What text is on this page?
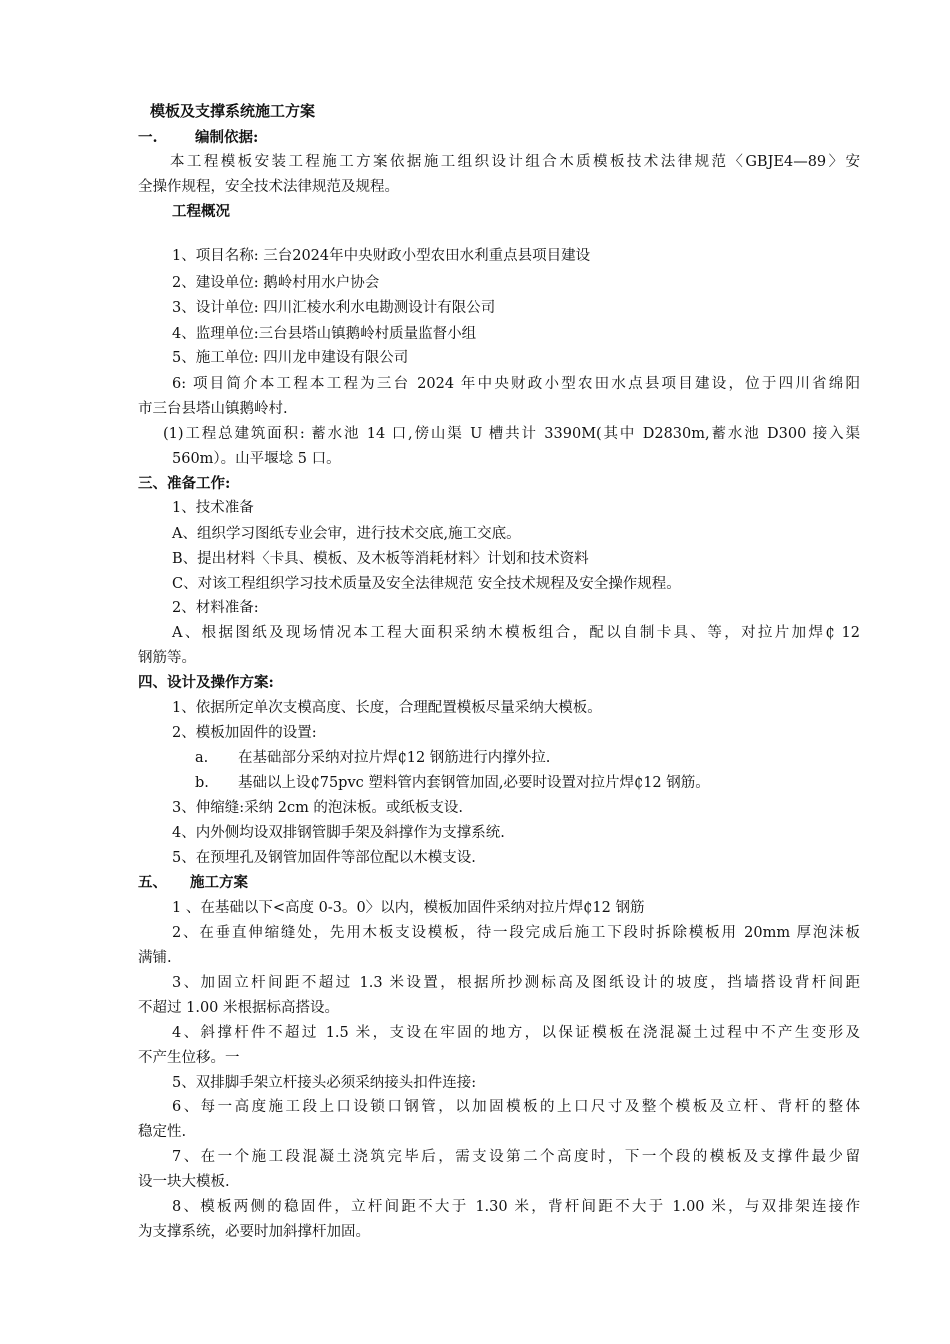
模板及支撑系统施工方案
一.	编制依据:
本工程模板安装工程施工方案依据施工组织设计组合木质模板技术法律规范〈GBJE4—89〉安
全操作规程，安全技术法律规范及规程。
工程概况
1、项目名称: 三台2024年中央财政小型农田水利重点县项目建设
2、建设单位: 鹅岭村用水户协会
3、设计单位: 四川汇棱水利水电勘测设计有限公司
4、监理单位:三台县塔山镇鹅岭村质量监督小组
5、施工单位: 四川龙申建设有限公司
6: 项目简介本工程本工程为三台 2024 年中央财政小型农田水点县项目建设，位于四川省绵阳
市三台县塔山镇鹅岭村.
(1)工程总建筑面积: 蓄水池 14 口,傍山渠 U 槽共计 3390M(其中 D2830m,蓄水池 D300 接入渠
560m）。山平堰埝 5 口。
三、准备工作:
1、技术准备
A、组织学习图纸专业会审，进行技术交底,施工交底。
B、提出材料〈卡具、模板、及木板等消耗材料〉计划和技术资料
C、对该工程组织学习技术质量及安全法律规范 安全技术规程及安全操作规程。
2、材料准备:
A、根据图纸及现场情况本工程大面积采纳木模板组合，配以自制卡具、等，对拉片加焊₵ 12
钢筋等。
四、设计及操作方案:
1、依据所定单次支模高度、长度，合理配置模板尽量采纳大模板。
2、模板加固件的设置:
a. 在基础部分采纳对拉片焊₵12 钢筋进行内撑外拉.
b. 基础以上设₵75pvc 塑料管内套钢管加固,必要时设置对拉片焊₵12 钢筋。
3、伸缩缝:采纳 2cm 的泡沫板。或纸板支设.
4、内外侧均设双排钢管脚手架及斜撑作为支撑系统.
5、在预埋孔及钢管加固件等部位配以木模支设.
五、 施工方案
1 、在基础以下<高度 0-3。0〉以内，模板加固件采纳对拉片焊₵12 钢筋
2、在垂直伸缩缝处，先用木板支设模板，待一段完成后施工下段时拆除模板用 20mm 厚泡沫板
满铺.
3、加固立杆间距不超过 1.3 米设置，根据所抄测标高及图纸设计的坡度，挡墙搭设背杆间距
不超过 1.00 米根据标高搭设。
4、斜撑杆件不超过 1.5 米，支设在牢固的地方，以保证模板在浇混凝土过程中不产生变形及
不产生位移。一
5、双排脚手架立杆接头必须采纳接头扣件连接:
6、每一高度施工段上口设锁口钢管，以加固模板的上口尺寸及整个模板及立杆、背杆的整体
稳定性.
7、在一个施工段混凝土浇筑完毕后，需支设第二个高度时，下一个段的模板及支撑件最少留
设一块大模板.
8、模板两侧的稳固件，立杆间距不大于 1.30 米，背杆间距不大于 1.00 米，与双排架连接作
为支撑系统，必要时加斜撑杆加固。
